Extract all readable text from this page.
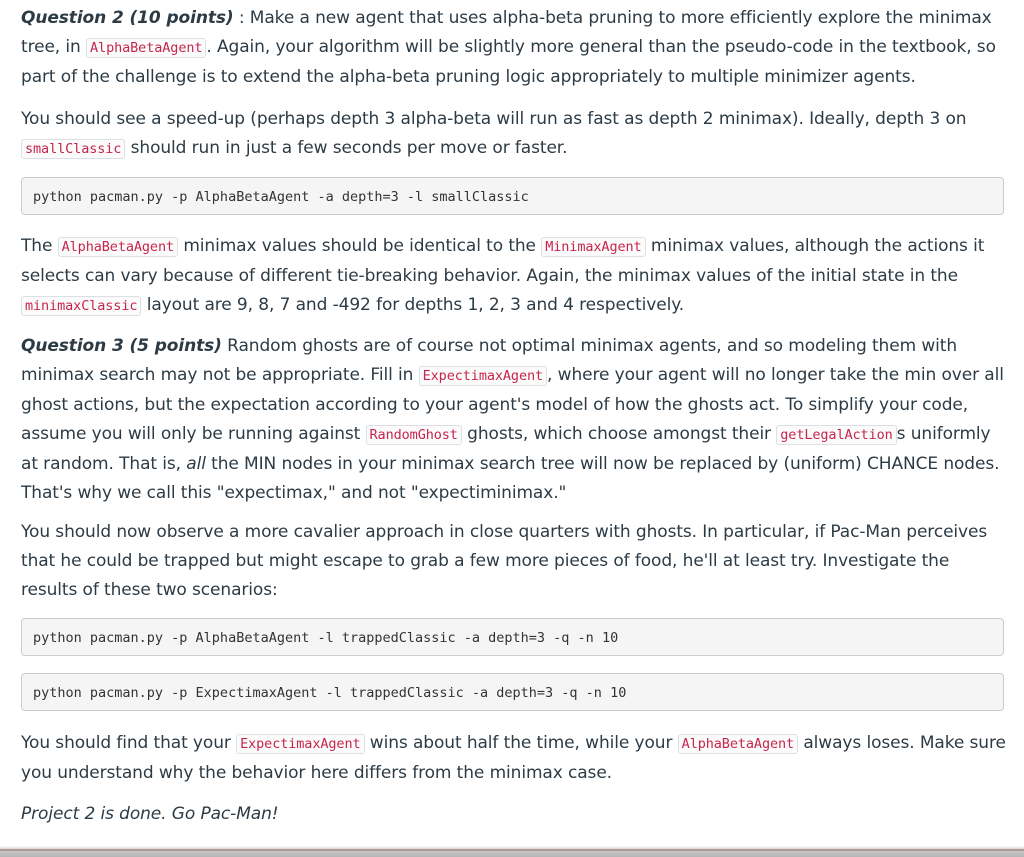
Question 2 (10 points) : Make a new agent that uses alpha-beta pruning to more efficiently explore the minimax tree, in AlphaBetaAgent . Again, your algorithm will be slightly more general than the pseudo-code in the textbook, so part of the challenge is to extend the alpha-beta pruning logic appropriately to multiple minimizer agents.

You should see a speed-up (perhaps depth 3 alpha-beta will run as fast as depth 2 minimax). Ideally, depth 3 on smallClassic should run in just a few seconds per move or faster.

python pacman.py -p AlphaBetaAgent -a depth=3 -l smallClassic

The AlphaBetaAgent minimax values should be identical to the MinimaxAgent minimax values, although the actions it selects can vary because of different tie-breaking behavior. Again, the minimax values of the initial state in the minimaxClassic layout are 9, 8, 7 and -492 for depths 1, 2, 3 and 4 respectively.

Question 3 (5 points) Random ghosts are of course not optimal minimax agents, and so modeling them with minimax search may not be appropriate. Fill in ExpectimaxAgent , where your agent will no longer take the min over all ghost actions, but the expectation according to your agent's model of how the ghosts act. To simplify your code, assume you will only be running against RandomGhost ghosts, which choose amongst their getLegalAction s uniformly at random. That is, all the MIN nodes in your minimax search tree will now be replaced by (uniform) CHANCE nodes. That's why we call this "expectimax," and not "expectiminimax."

You should now observe a more cavalier approach in close quarters with ghosts. In particular, if Pac-Man perceives that he could be trapped but might escape to grab a few more pieces of food, he'll at least try. Investigate the results of these two scenarios:

python pacman.py -p AlphaBetaAgent -l trappedClassic -a depth=3 -q -n 10
python pacman.py -p ExpectimaxAgent -l trappedClassic -a depth=3 -q -n 10

You should find that your ExpectimaxAgent wins about half the time, while your AlphaBetaAgent always loses. Make sure you understand why the behavior here differs from the minimax case.

Project 2 is done. Go Pac-Man!
